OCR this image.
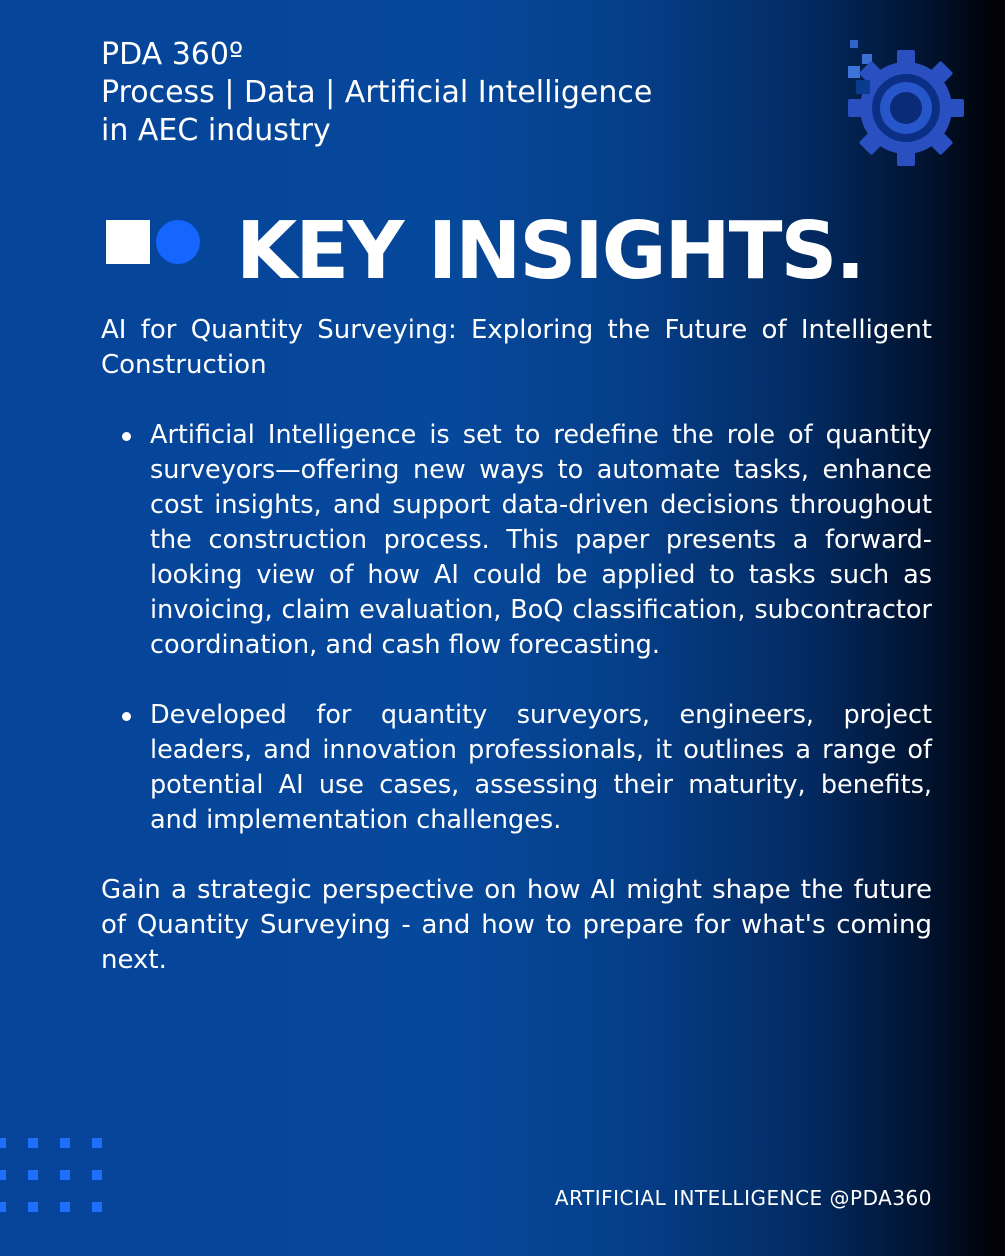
PDA 360º
Process | Data | Artificial Intelligence
in AEC industry
KEY INSIGHTS.

AI for Quantity Surveying: Exploring the Future of Intelligent Construction

Artificial Intelligence is set to redefine the role of quantity surveyors—offering new ways to automate tasks, enhance cost insights, and support data-driven decisions throughout the construction process. This paper presents a forward-looking view of how AI could be applied to tasks such as invoicing, claim evaluation, BoQ classification, subcontractor coordination, and cash flow forecasting.
Developed for quantity surveyors, engineers, project leaders, and innovation professionals, it outlines a range of potential AI use cases, assessing their maturity, benefits, and implementation challenges.

Gain a strategic perspective on how AI might shape the future of Quantity Surveying - and how to prepare for what's coming next.

ARTIFICIAL INTELLIGENCE @PDA360
